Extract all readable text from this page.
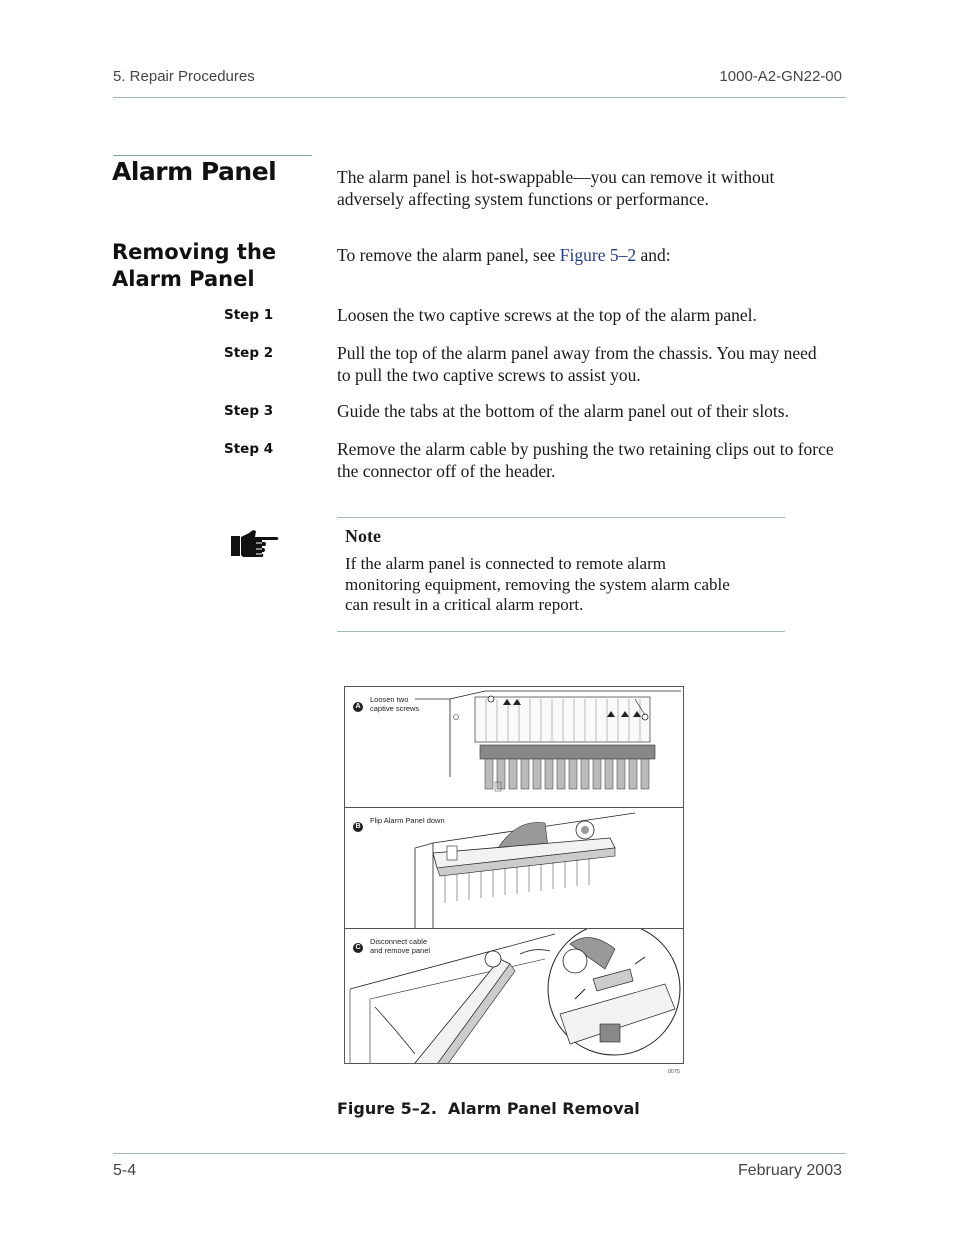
5. Repair Procedures	1000-A2-GN22-00
Alarm Panel	The alarm panel is hot-swappable—you can remove it without adversely affecting system functions or performance.
Removing the
Alarm Panel
To remove the alarm panel, see Figure 5–2 and:
Step 1	Loosen the two captive screws at the top of the alarm panel.
Step 2	Pull the top of the alarm panel away from the chassis. You may need to pull the two captive screws to assist you.
Step 3	Guide the tabs at the bottom of the alarm panel out of their slots.
Step 4	Remove the alarm cable by pushing the two retaining clips out to force the connector off of the header.
Note
If the alarm panel is connected to remote alarm monitoring equipment, removing the system alarm cable can result in a critical alarm report.
A
Loosen two
captive screws
B
Flip Alarm Panel down
C
Disconnect cable
and remove panel
0075
Figure 5–2.  Alarm Panel Removal
5-4	February 2003
